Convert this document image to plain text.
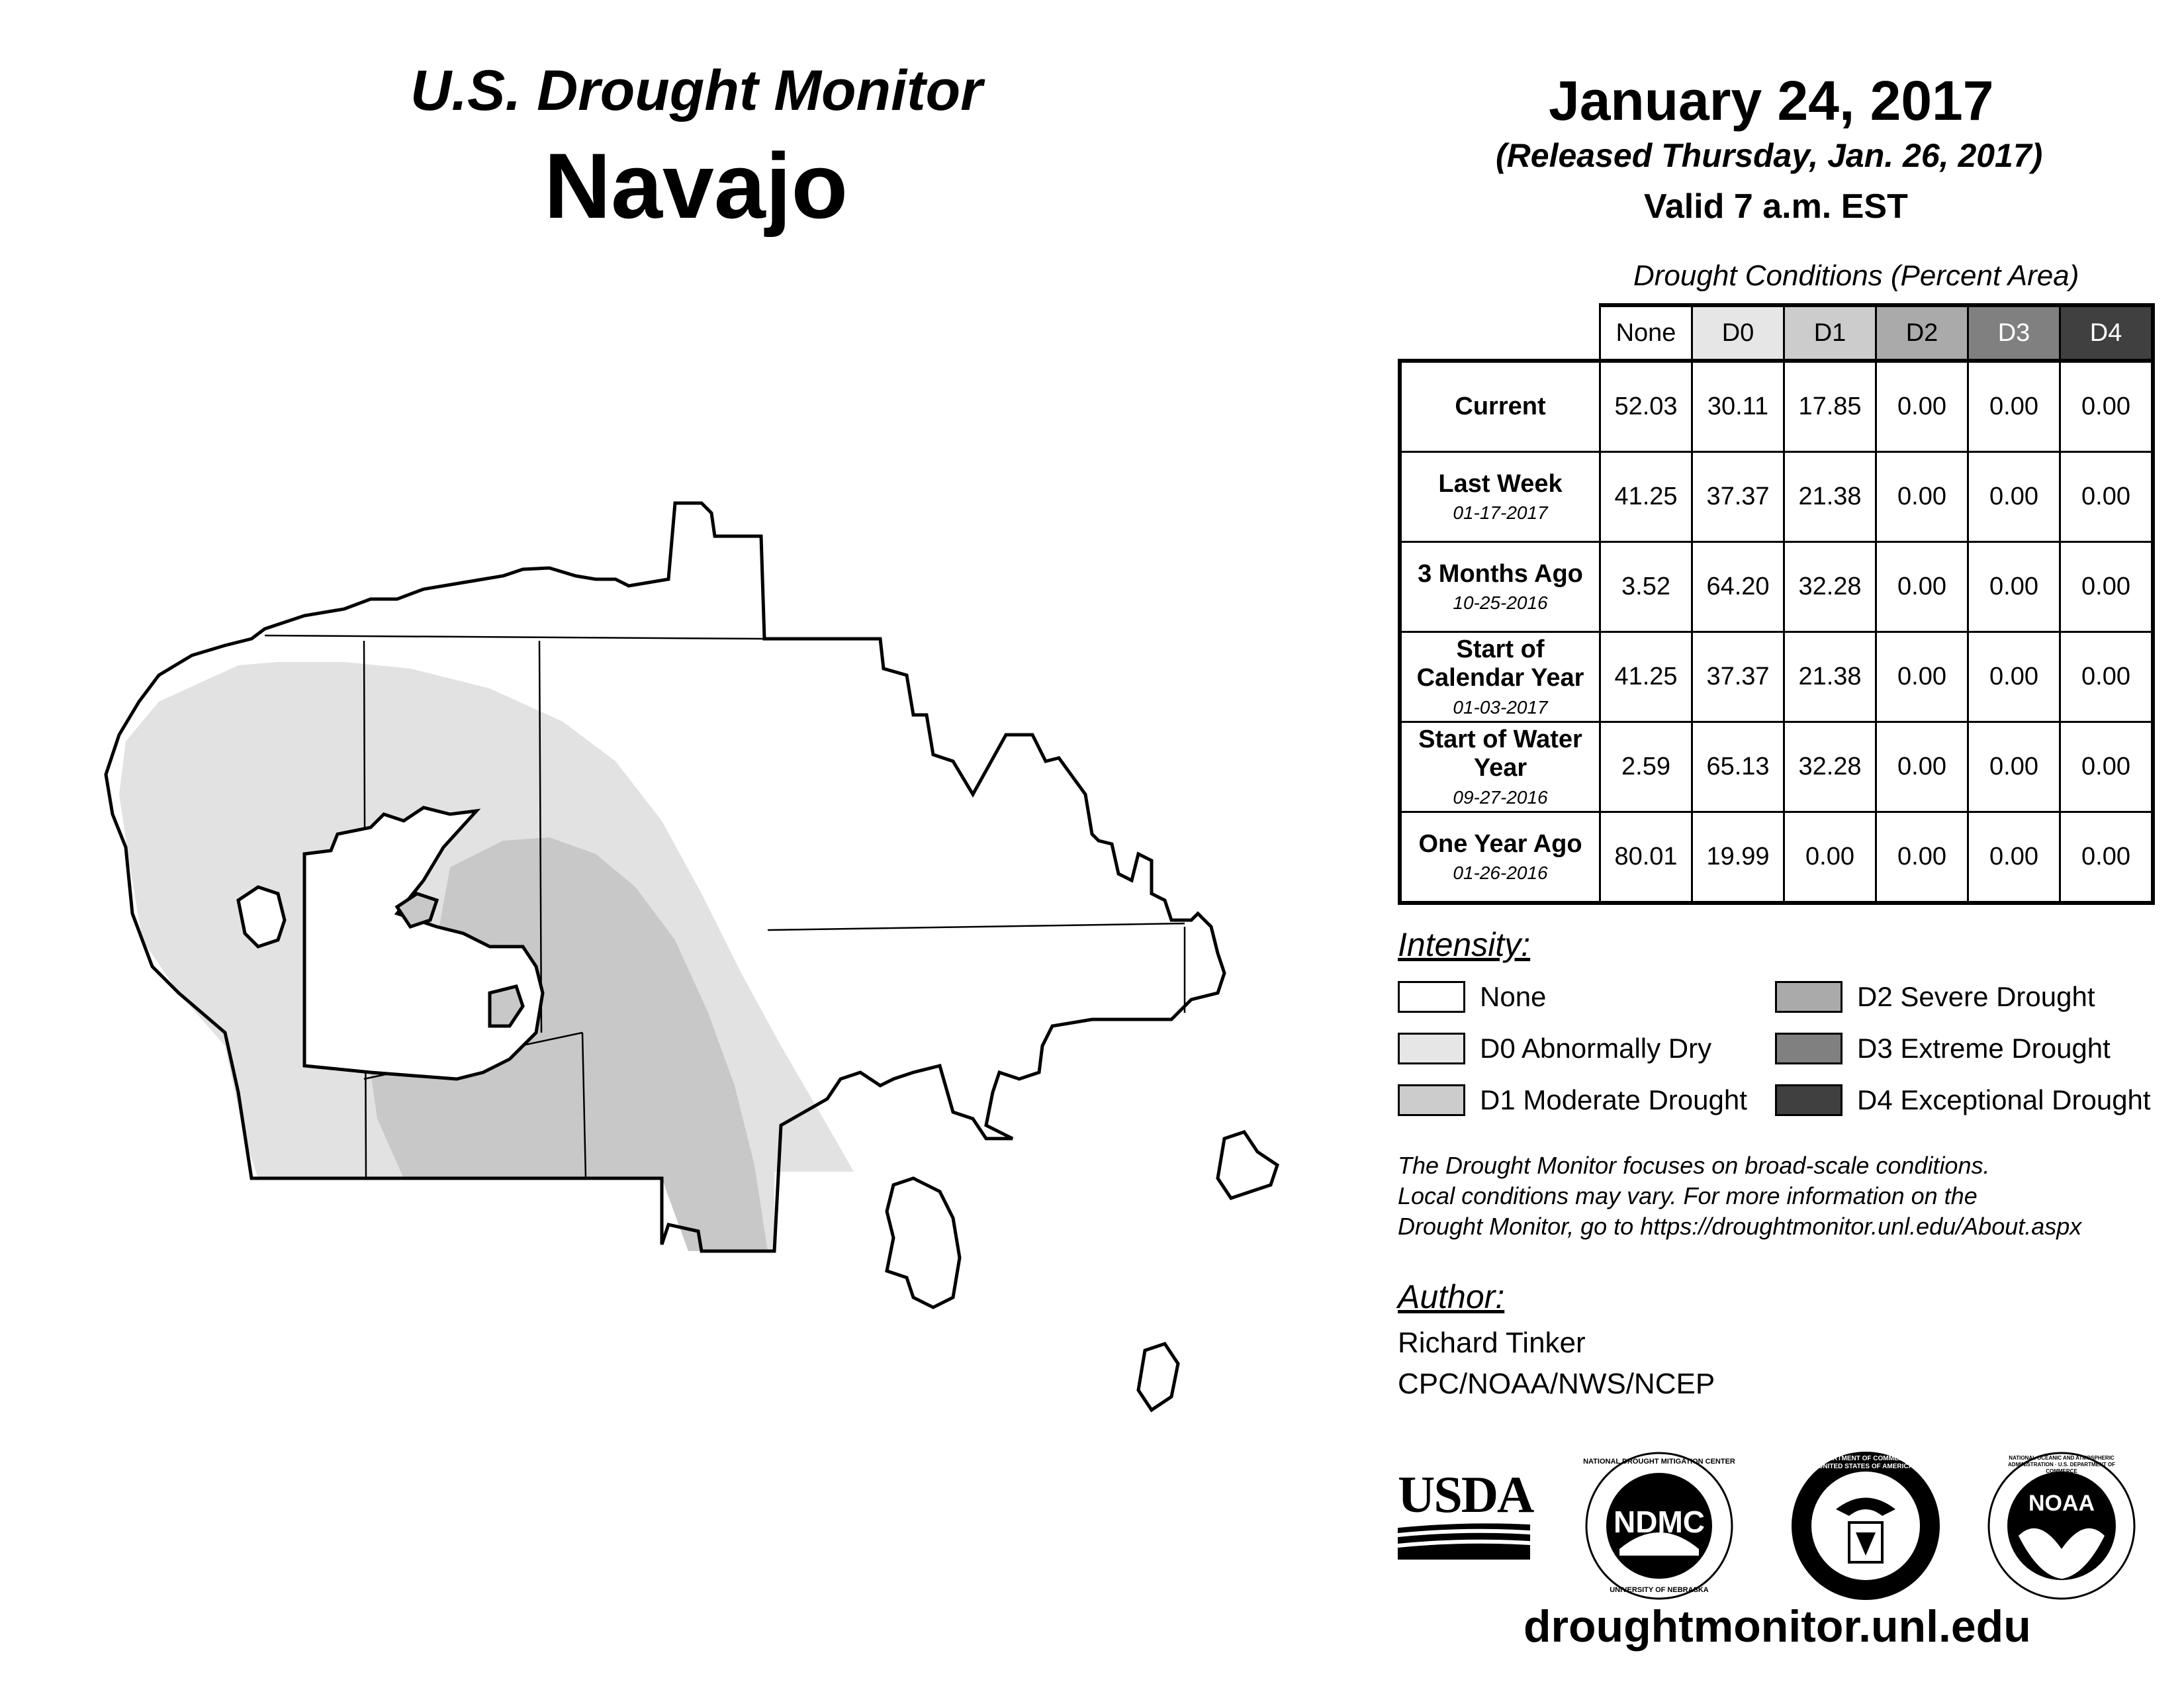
U.S. Drought Monitor
Navajo
January 24, 2017
(Released Thursday, Jan. 26, 2017)
Valid 7 a.m. EST
Drought Conditions (Percent Area)
	None	D0	D1	D2	D3	D4
Current	52.03	30.11	17.85	0.00	0.00	0.00
Last Week
01-17-2017	41.25	37.37	21.38	0.00	0.00	0.00
3 Months Ago
10-25-2016	3.52	64.20	32.28	0.00	0.00	0.00
Start of Calendar Year
01-03-2017	41.25	37.37	21.38	0.00	0.00	0.00
Start of Water Year
09-27-2016	2.59	65.13	32.28	0.00	0.00	0.00
One Year Ago
01-26-2016	80.01	19.99	0.00	0.00	0.00	0.00
Intensity:
None
D0 Abnormally Dry
D1 Moderate Drought
D2 Severe Drought
D3 Extreme Drought
D4 Exceptional Drought
The Drought Monitor focuses on broad-scale conditions.
Local conditions may vary. For more information on the
Drought Monitor, go to https://droughtmonitor.unl.edu/About.aspx
Author:
Richard Tinker
CPC/NOAA/NWS/NCEP
USDA	NDMC
NATIONAL DROUGHT MITIGATION CENTER
UNIVERSITY OF NEBRASKA
DEPARTMENT OF COMMERCE · UNITED STATES OF AMERICA
NOAA
NATIONAL OCEANIC AND ATMOSPHERIC ADMINISTRATION · U.S. DEPARTMENT OF COMMERCE
droughtmonitor.unl.edu
